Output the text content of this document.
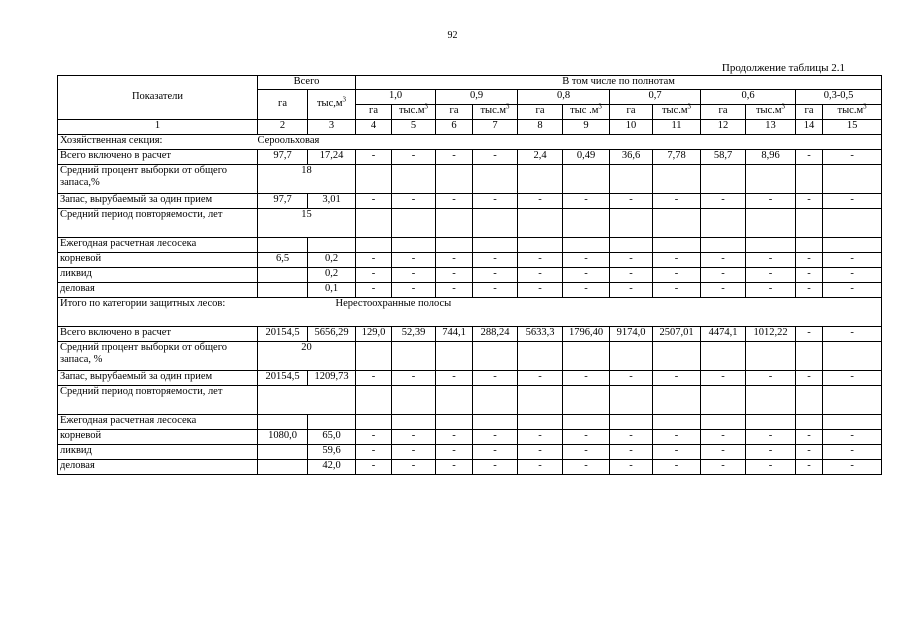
92
Продолжение таблицы 2.1
Показатели	Всего		В том числе по полнотам											
	га	$тыс,м^3$	1,0		0,9		0,8		0,7		0,6		0,3-0,5	
			га	$тыс.м^3$	га	$тыс.м^3$	га	тыс $.м^3$	га	$тыс.м^3$	га	$тыс.м^3$	га	$тыс.м^3$
1	2	3	4	5	6	7	8	9	10	11	12	13	14	15
Хозяйственная секция:	Сероольховая													
Всего включено в расчет	97,7	17,24	-	-	-	-	2,4	0,49	36,6	7,78	58,7	8,96	-	-
Средний процент выборки от общего запаса,%	18													
Запас, вырубаемый за один прием	97,7	3,01	-	-	-	-	-	-	-	-	-	-	-	-
Средний период повторяемости, лет	15													
Ежегодная расчетная лесосека														
корневой	6,5	0,2	-	-	-	-	-	-	-	-	-	-	-	-
ликвид		0,2	-	-	-	-	-	-	-	-	-	-	-	-
деловая		0,1	-	-	-	-	-	-	-	-	-	-	-	-
Итого по категории защитных лесов:	Нерестоохранные полосы													
Всего включено в расчет	20154,5	5656,29	129,0	52,39	744,1	288,24	5633,3	1796,40	9174,0	2507,01	4474,1	1012,22	-	-
Средний процент выборки от общего запаса, %	20													
Запас, вырубаемый за один прием	20154,5	1209,73	-	-	-	-	-	-	-	-	-	-	-	-
Средний период повторяемости, лет														
Ежегодная расчетная лесосека														
корневой	1080,0	65,0	-	-	-	-	-	-	-	-	-	-	-	-
ликвид		59,6	-	-	-	-	-	-	-	-	-	-	-	-
деловая		42,0	-	-	-	-	-	-	-	-	-	-	-	-
